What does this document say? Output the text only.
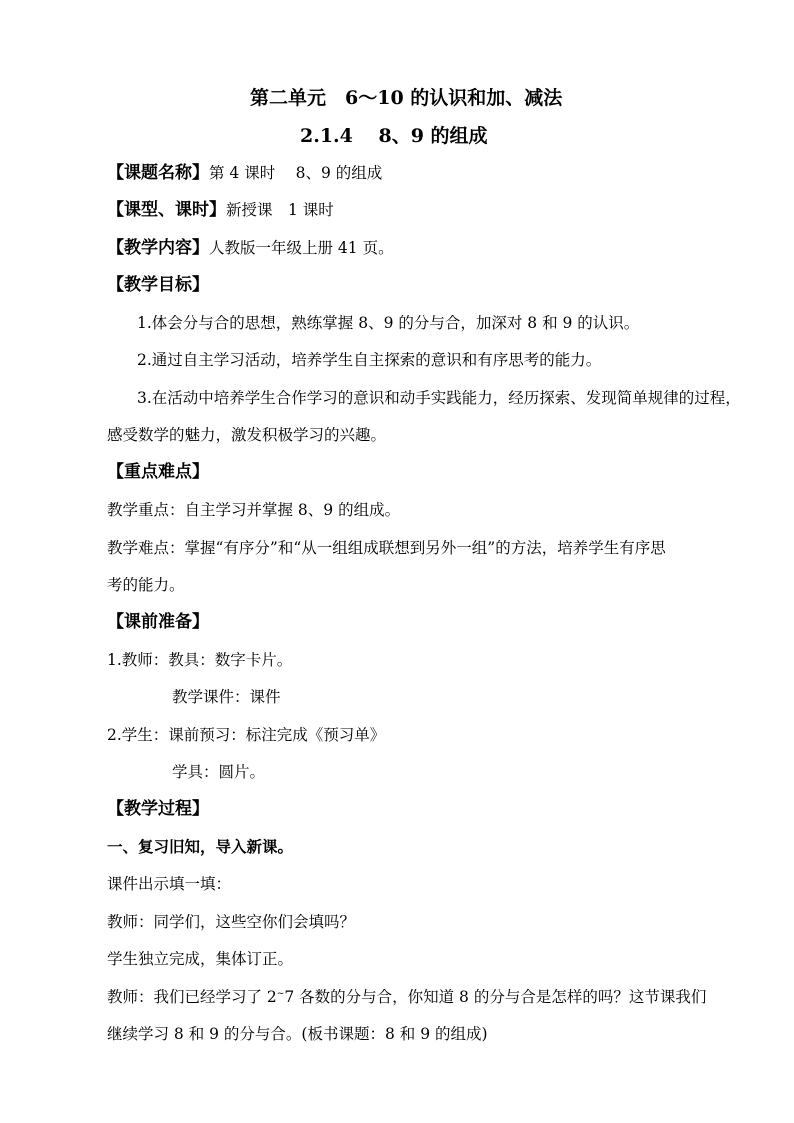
第二单元　6～10 的认识和加、减法
2.1.4　 8、9 的组成
【课题名称】第 4 课时　 8、9 的组成
【课型、课时】新授课　1 课时
【教学内容】人教版一年级上册 41 页。
【教学目标】
1.体会分与合的思想，熟练掌握 8、9 的分与合，加深对 8 和 9 的认识。
2.通过自主学习活动，培养学生自主探索的意识和有序思考的能力。
3.在活动中培养学生合作学习的意识和动手实践能力，经历探索、发现简单规律的过程，
感受数学的魅力，激发积极学习的兴趣。
【重点难点】
教学重点：自主学习并掌握 8、9 的组成。
教学难点：掌握“有序分”和“从一组组成联想到另外一组”的方法，培养学生有序思
考的能力。
【课前准备】
1.教师：教具：数字卡片。
教学课件：课件
2.学生：课前预习：标注完成《预习单》
学具：圆片。
【教学过程】
一、复习旧知，导入新课。
课件出示填一填：
教师：同学们，这些空你们会填吗？
学生独立完成，集体订正。
教师：我们已经学习了 2~7 各数的分与合，你知道 8 的分与合是怎样的吗？这节课我们
继续学习 8 和 9 的分与合。(板书课题：8 和 9 的组成)
